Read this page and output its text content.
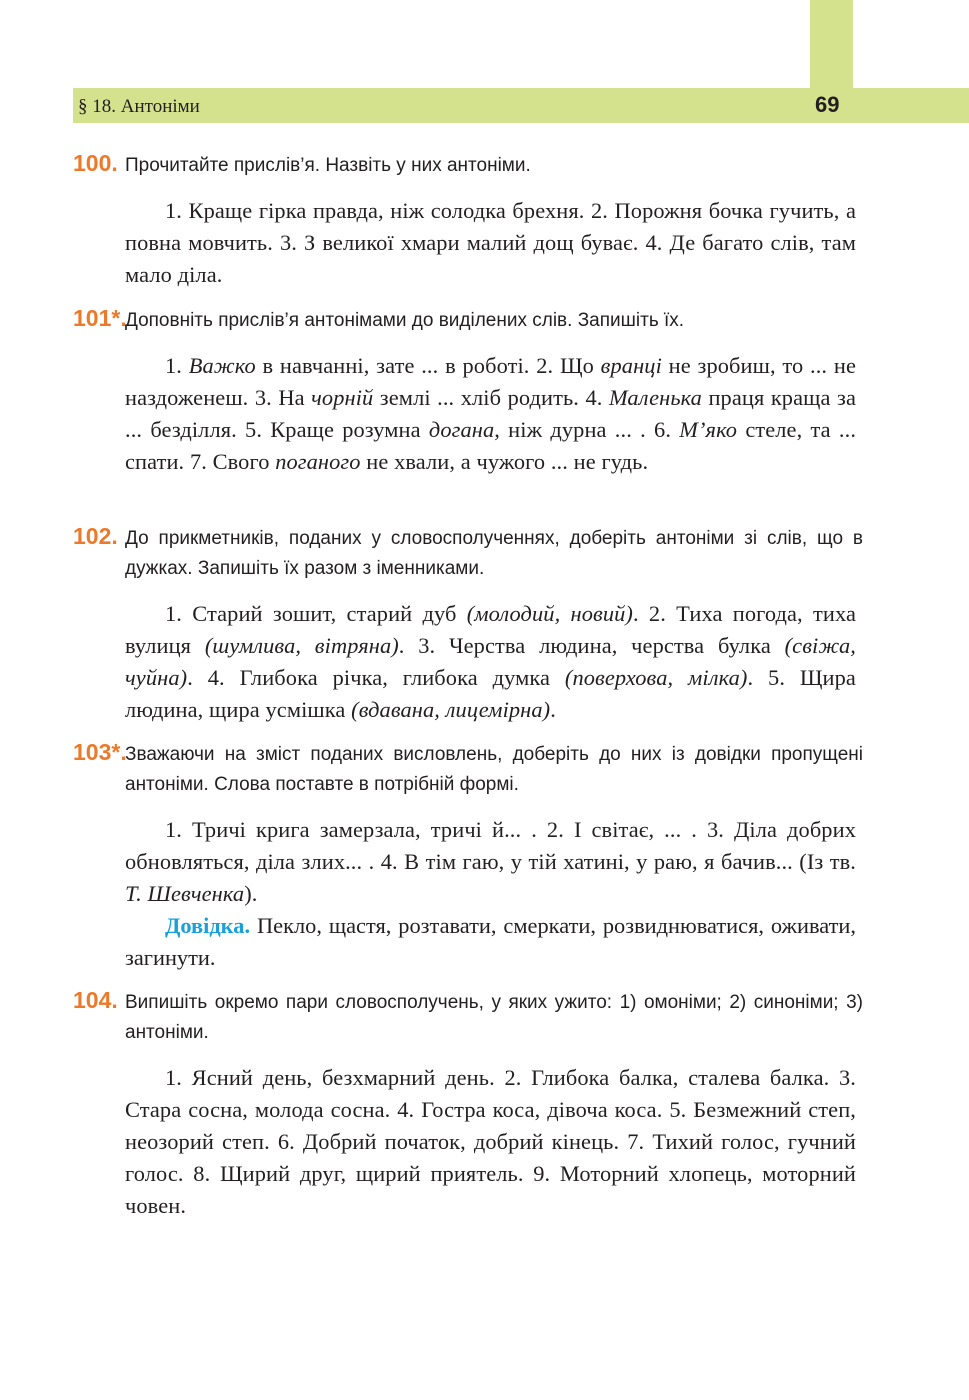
§ 18. Антоніми	69
100. Прочитайте прислів’я. Назвіть у них антоніми.
1. Краще гірка правда, ніж солодка брехня. 2. Порожня бочка гучить, а повна мовчить. 3. З великої хмари малий дощ буває. 4. Де багато слів, там мало діла.
101*.Доповніть прислів’я антонімами до виділених слів. Запишіть їх.
1. Важко в навчанні, зате ... в роботі. 2. Що вранці не зробиш, то ... не наздоженеш. 3. На чорній землі ... хліб родить. 4. Маленька праця краща за ... безділля. 5. Краще розумна догана, ніж дурна ... . 6. М’яко стеле, та ... спати. 7. Свого поганого не хвали, а чужого ... не гудь.
102. До прикметників, поданих у словосполученнях, доберіть антоніми зі слів, що в дужках. Запишіть їх разом з іменниками.
1. Старий зошит, старий дуб (молодий, новий). 2. Тиха погода, тиха вулиця (шумлива, вітряна). 3. Черства людина, черства булка (свіжа, чуйна). 4. Глибока річка, глибока думка (поверхова, мілка). 5. Щира людина, щира усмішка (вдавана, лицемірна).
103*.Зважаючи на зміст поданих висловлень, доберіть до них із довідки пропущені антоніми. Слова поставте в потрібній формі.
1. Тричі крига замерзала, тричі й... . 2. І світає, ... . 3. Діла добрих обновляться, діла злих... . 4. В тім гаю, у тій хатині, у раю, я бачив... (Із тв. Т. Шевченка).
Довідка. Пекло, щастя, розтавати, смеркати, розвиднюватися, оживати, загинути.
104. Випишіть окремо пари словосполучень, у яких ужито: 1) омоніми; 2) синоніми; 3) антоніми.
1. Ясний день, безхмарний день. 2. Глибока балка, сталева балка. 3. Стара сосна, молода сосна. 4. Гостра коса, дівоча коса. 5. Безмежний степ, неозорий степ. 6. Добрий початок, добрий кінець. 7. Тихий голос, гучний голос. 8. Щирий друг, щирий приятель. 9. Моторний хлопець, моторний човен.
